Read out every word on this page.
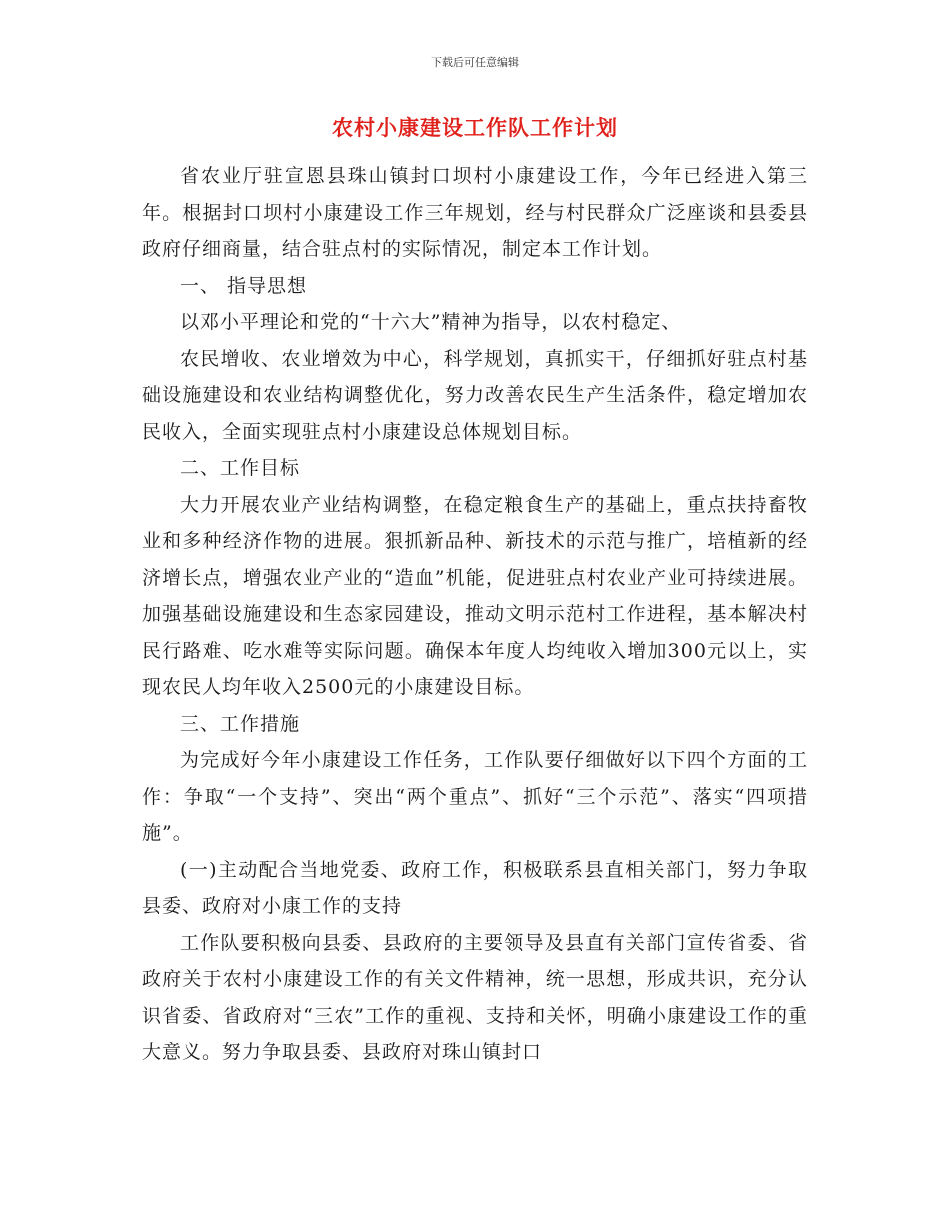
下载后可任意编辑
农村小康建设工作队工作计划

省农业厅驻宣恩县珠山镇封口坝村小康建设工作，今年已经进入第三年。根据封口坝村小康建设工作三年规划，经与村民群众广泛座谈和县委县政府仔细商量，结合驻点村的实际情况，制定本工作计划。

一、 指导思想

以邓小平理论和党的“十六大”精神为指导，以农村稳定、

农民增收、农业增效为中心，科学规划，真抓实干，仔细抓好驻点村基础设施建设和农业结构调整优化，努力改善农民生产生活条件，稳定增加农民收入，全面实现驻点村小康建设总体规划目标。

二、工作目标

大力开展农业产业结构调整，在稳定粮食生产的基础上，重点扶持畜牧业和多种经济作物的进展。狠抓新品种、新技术的示范与推广，培植新的经济增长点，增强农业产业的“造血”机能，促进驻点村农业产业可持续进展。加强基础设施建设和生态家园建设，推动文明示范村工作进程，基本解决村民行路难、吃水难等实际问题。确保本年度人均纯收入增加300元以上，实现农民人均年收入2500元的小康建设目标。

三、工作措施

为完成好今年小康建设工作任务，工作队要仔细做好以下四个方面的工作：争取“一个支持”、突出“两个重点”、抓好“三个示范”、落实“四项措施”。

(一)主动配合当地党委、政府工作，积极联系县直相关部门，努力争取县委、政府对小康工作的支持

工作队要积极向县委、县政府的主要领导及县直有关部门宣传省委、省政府关于农村小康建设工作的有关文件精神，统一思想，形成共识，充分认识省委、省政府对“三农”工作的重视、支持和关怀，明确小康建设工作的重大意义。努力争取县委、县政府对珠山镇封口
